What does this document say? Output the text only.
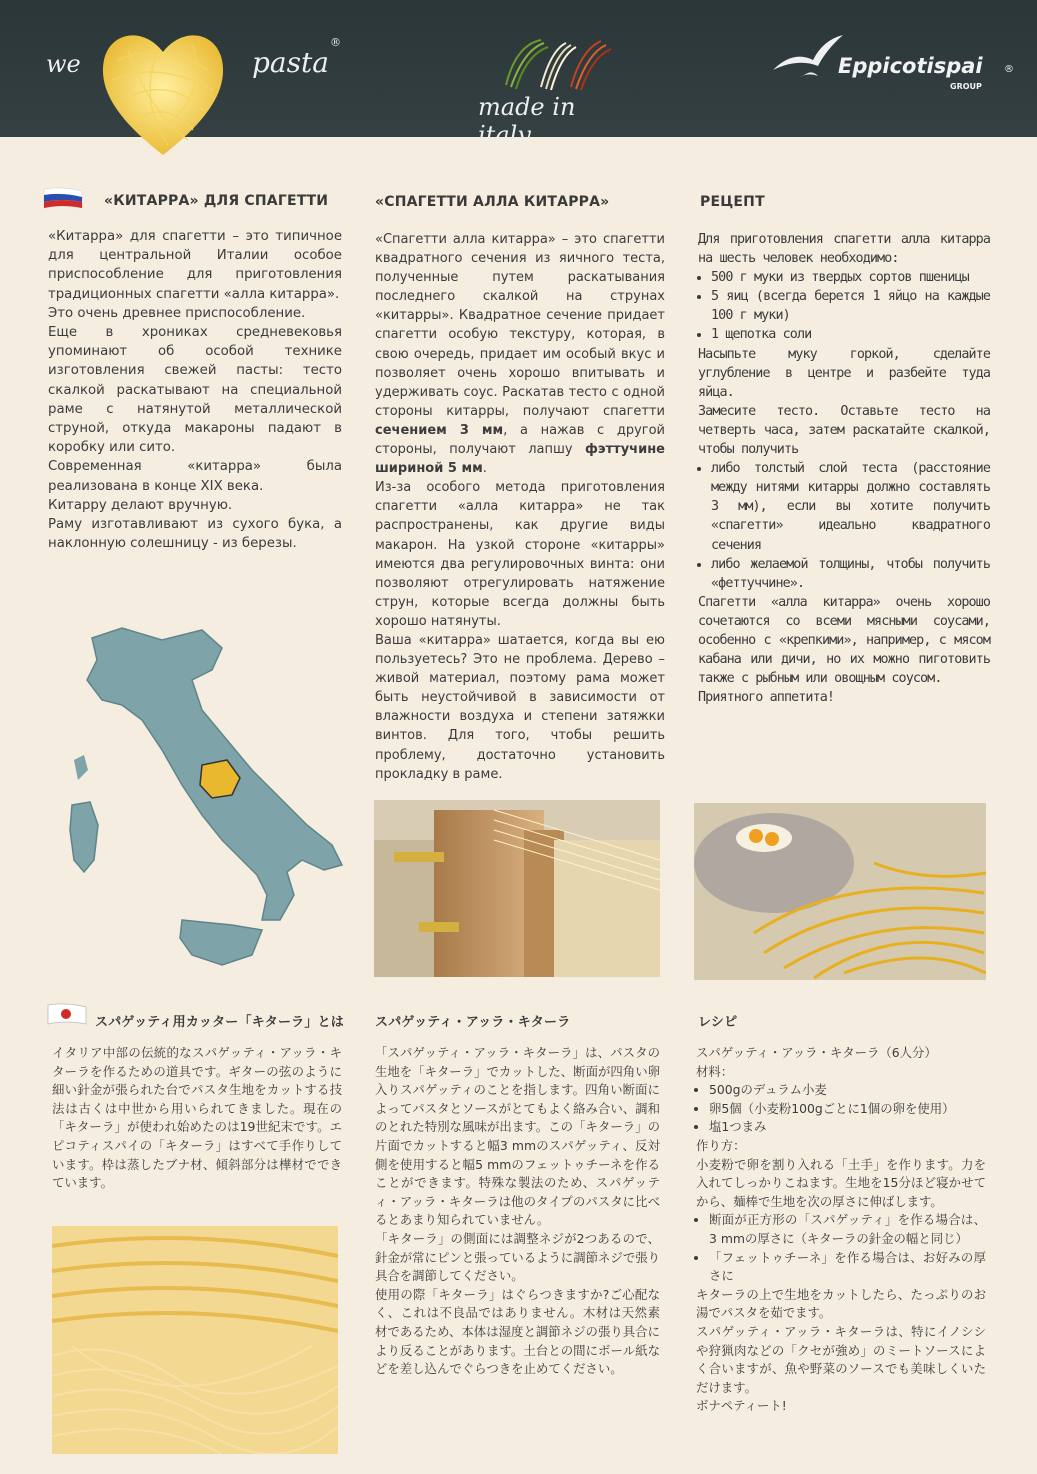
we	pasta
®
made in italy
Eppicotispai ®
GROUP
«КИТАРРА» ДЛЯ СПАГЕТТИ	«СПАГЕТТИ АЛЛА КИТАРРА»	РЕЦЕПТ

«Китарра» для спагетти – это типичное для центральной Италии особое приспособление для приготовления традиционных спагетти «алла китарра».

Это очень древнее приспособление.

Еще в хрониках средневековья упоминают об особой технике изготовления свежей пасты: тесто скалкой раскатывают на специальной раме с натянутой металлической струной, откуда макароны падают в коробку или сито.

Современная «китарра» была реализована в конце XIX века.

Китарру делают вручную.

Раму изготавливают из сухого бука, а наклонную солешницу - из березы.

«Спагетти алла китарра» – это спагетти квадратного сечения из яичного теста, полученные путем раскатывания последнего скалкой на струнах «китарры». Квадратное сечение придает спагетти особую текстуру, которая, в свою очередь, придает им особый вкус и позволяет очень хорошо впитывать и удерживать соус. Раскатав тесто с одной стороны китарры, получают спагетти сечением 3 мм, а нажав с другой стороны, получают лапшу фэттучине шириной 5 мм.

Из-за особого метода приготовления спагетти «алла китарра» не так распространены, как другие виды макарон. На узкой стороне «китарры» имеются два регулировочных винта: они позволяют отрегулировать натяжение струн, которые всегда должны быть хорошо натянуты.

Ваша «китарра» шатается, когда вы ею пользуетесь? Это не проблема. Дерево – живой материал, поэтому рама может быть неустойчивой в зависимости от влажности воздуха и степени затяжки винтов. Для того, чтобы решить проблему, достаточно установить прокладку в раме.

Для приготовления спагетти алла китарра на шесть человек необходимо:

• 500 г муки из твердых сортов пшеницы
• 5 яиц (всегда берется 1 яйцо на каждые 100 г муки)
• 1 щепотка соли

Насыпьте муку горкой, сделайте углубление в центре и разбейте туда яйца.

Замесите тесто. Оставьте тесто на четверть часа, затем раскатайте скалкой, чтобы получить

• либо толстый слой теста (расстояние между нитями китарры должно составлять 3 мм), если вы хотите получить «спагетти» идеально квадратного сечения
• либо желаемой толщины, чтобы получить «феттуччине».

Спагетти «алла китарра» очень хорошо сочетаются со всеми мясными соусами, особенно с «крепкими», например, с мясом кабана или дичи, но их можно пиготовить также с рыбным или овощным соусом.

Приятного аппетита!

スパゲッティ用カッター「キターラ」とは スパゲッティ・アッラ・キターラ	レシピ
イタリア中部の伝統的なスパゲッティ・アッラ・キターラを作るための道具です。ギターの弦のように細い針金が張られた台でパスタ生地をカットする技法は古くは中世から用いられてきました。現在の「キターラ」が使われ始めたのは19世紀末です。エピコティスパイの「キターラ」はすべて手作りしています。枠は蒸したブナ材、傾斜部分は樺材でできています。

「スパゲッティ・アッラ・キターラ」は、パスタの生地を「キターラ」でカットした、断面が四角い卵入りスパゲッティのことを指します。四角い断面によってパスタとソースがとてもよく絡み合い、調和のとれた特別な風味が出ます。この「キターラ」の片面でカットすると幅3 mmのスパゲッティ、反対側を使用すると幅5 mmのフェットゥチーネを作ることができます。特殊な製法のため、スパゲッティ・アッラ・キターラは他のタイプのパスタに比べるとあまり知られていません。

「キターラ」の側面には調整ネジが2つあるので、針金が常にピンと張っているように調節ネジで張り具合を調節してください。

使用の際「キターラ」はぐらつきますか?ご心配なく、これは不良品ではありません。木材は天然素材であるため、本体は湿度と調節ネジの張り具合により反ることがあります。土台との間にボール紙などを差し込んでぐらつきを止めてください。

スパゲッティ・アッラ・キターラ（6人分）

材料：

• 500gのデュラム小麦
• 卵5個（小麦粉100gごとに1個の卵を使用）
• 塩1つまみ

作り方：

小麦粉で卵を割り入れる「土手」を作ります。力を入れてしっかりこねます。生地を15分ほど寝かせてから、麺棒で生地を次の厚さに伸ばします。

• 断面が正方形の「スパゲッティ」を作る場合は、3 mmの厚さに（キターラの針金の幅と同じ）
• 「フェットゥチーネ」を作る場合は、お好みの厚さに

キターラの上で生地をカットしたら、たっぷりのお湯でパスタを茹でます。

スパゲッティ・アッラ・キターラは、特にイノシシや狩猟肉などの「クセが強め」のミートソースによく合いますが、魚や野菜のソースでも美味しくいただけます。

ボナペティート!
